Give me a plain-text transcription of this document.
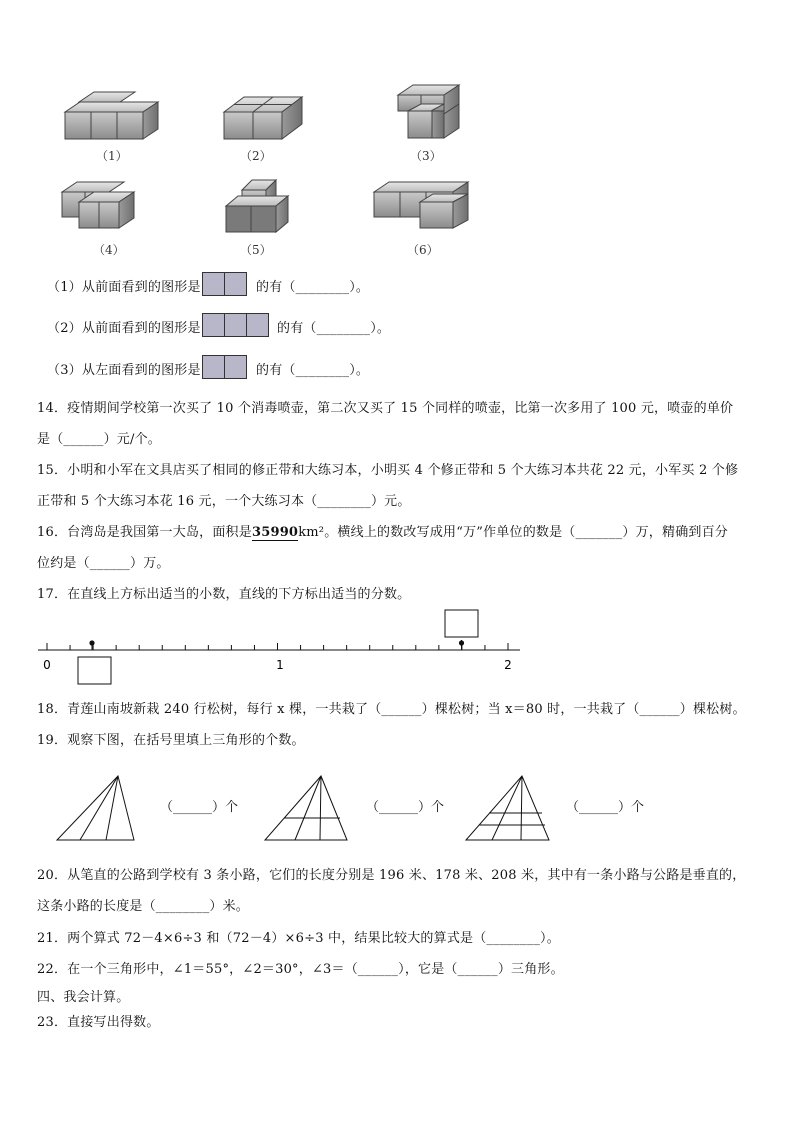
（1）	（2）	（3）
（4）	（5）	（6）
（1）从前面看到的图形是	的有（________）。
（2）从前面看到的图形是	的有（________）。
（3）从左面看到的图形是	的有（________）。
14．疫情期间学校第一次买了 10 个消毒喷壶，第二次又买了 15 个同样的喷壶，比第一次多用了 100 元，喷壶的单价
是（______）元/个。
15．小明和小军在文具店买了相同的修正带和大练习本，小明买 4 个修正带和 5 个大练习本共花 22 元，小军买 2 个修
正带和 5 个大练习本花 16 元，一个大练习本（________）元。
16．台湾岛是我国第一大岛，面积是35990km²。横线上的数改写成用“万”作单位的数是（_______）万，精确到百分
位约是（______）万。
17．在直线上方标出适当的小数，直线的下方标出适当的分数。
0	1	2
18．青莲山南坡新栽 240 行松树，每行 x 棵，一共栽了（______）棵松树；当 x＝80 时，一共栽了（______）棵松树。
19．观察下图，在括号里填上三角形的个数。
（______）个	（______）个	（______）个
20．从笔直的公路到学校有 3 条小路，它们的长度分别是 196 米、178 米、208 米，其中有一条小路与公路是垂直的，
这条小路的长度是（________）米。
21．两个算式 72－4×6÷3 和（72－4）×6÷3 中，结果比较大的算式是（________）。
22．在一个三角形中，∠1＝55°，∠2＝30°，∠3＝（______），它是（______）三角形。
四、我会计算。
23．直接写出得数。
